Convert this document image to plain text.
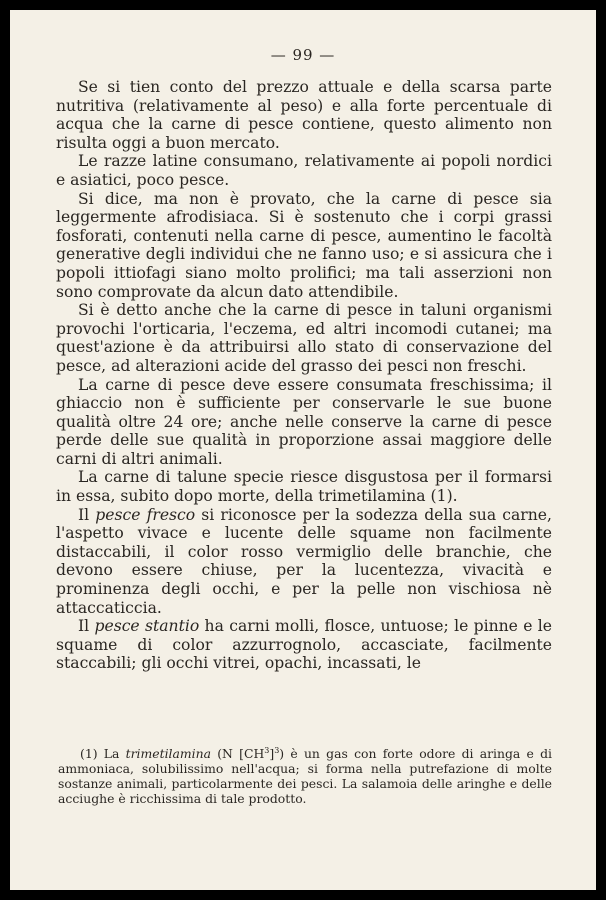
— 99 —

Se si tien conto del prezzo attuale e della scarsa parte nutritiva (relativamente al peso) e alla forte percentuale di acqua che la carne di pesce contiene, questo alimento non risulta oggi a buon mercato.

Le razze latine consumano, relativamente ai popoli nordici e asiatici, poco pesce.

Si dice, ma non è provato, che la carne di pesce sia leggermente afrodisiaca. Si è sostenuto che i corpi grassi fosforati, contenuti nella carne di pesce, aumentino le facoltà generative degli individui che ne fanno uso; e si assicura che i popoli ittiofagi siano molto prolifici; ma tali asserzioni non sono comprovate da alcun dato attendibile.

Si è detto anche che la carne di pesce in taluni organismi provochi l'orticaria, l'eczema, ed altri incomodi cutanei; ma quest'azione è da attribuirsi allo stato di conservazione del pesce, ad alterazioni acide del grasso dei pesci non freschi.

La carne di pesce deve essere consumata freschissima; il ghiaccio non è sufficiente per conservarle le sue buone qualità oltre 24 ore; anche nelle conserve la carne di pesce perde delle sue qualità in proporzione assai maggiore delle carni di altri animali.

La carne di talune specie riesce disgustosa per il formarsi in essa, subito dopo morte, della trimetilamina (1).

Il pesce fresco si riconosce per la sodezza della sua carne, l'aspetto vivace e lucente delle squame non facilmente distaccabili, il color rosso vermiglio delle branchie, che devono essere chiuse, per la lucentezza, vivacità e prominenza degli occhi, e per la pelle non vischiosa nè attaccaticcia.

Il pesce stantio ha carni molli, flosce, untuose; le pinne e le squame di color azzurrognolo, accasciate, facilmente staccabili; gli occhi vitrei, opachi, incassati, le

(1) La trimetilamina (N $[CH^3]^3$) è un gas con forte odore di aringa e di ammoniaca, solubilissimo nell'acqua; si forma nella putrefazione di molte sostanze animali, particolarmente dei pesci. La salamoia delle aringhe e delle acciughe è ricchissima di tale prodotto.
